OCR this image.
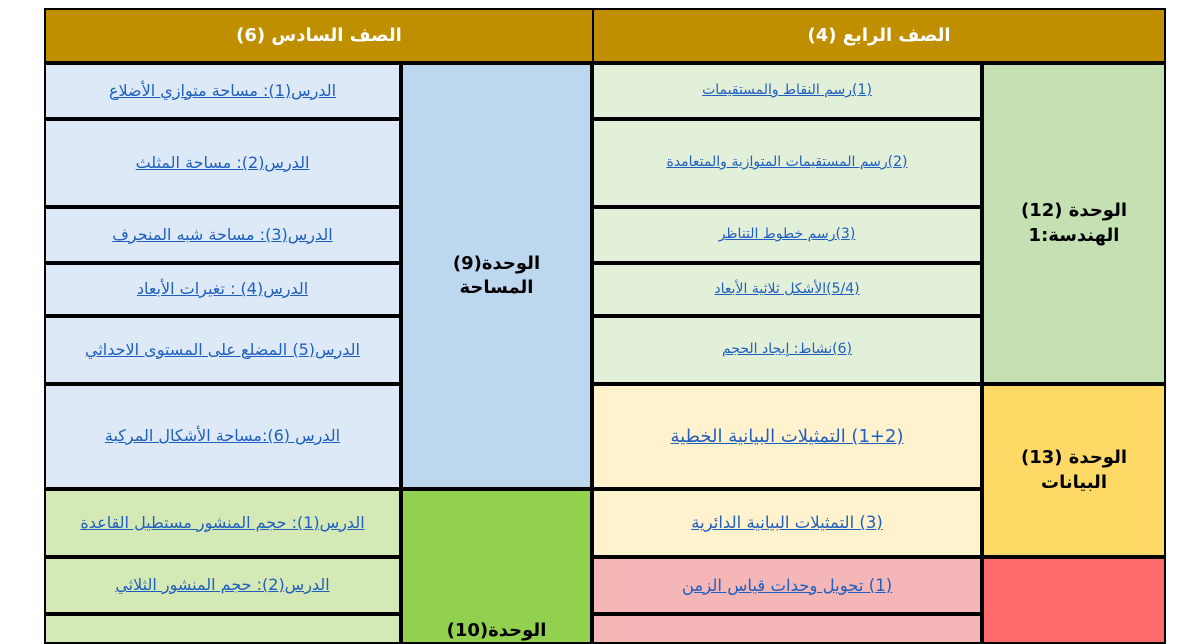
الصف السادس (6)	الصف الرابع (4)
(1)رسم النقاط والمستقيمات
(2)رسم المستقيمات المتوازية والمتعامدة
(3)رسم خطوط التناظر
(5/4)الأشكل ثلاثية الأبعاد
(6)نشاط: إيجاد الحجم
(1+2) التمثيلات البيانية الخطية
(3) التمثيلات البيانية الدائرية
(1) تحويل وحدات قياس الزمن
الوحدة (12)
الهندسة:1
الوحدة (13)
البيانات
الدرس(1): مساحة متوازي الأضلاع
الدرس(2): مساحة المثلث
الدرس(3): مساحة شبه المنحرف
الدرس(4) : تغيرات الأبعاد
الدرس(5) المضلع على المستوى الاحداثي
الدرس (6):مساحة الأشكال المركبة
الدرس(1): حجم المنشور مستطيل القاعدة
الدرس(2): حجم المنشور الثلاثي
الوحدة(9)
المساحة
الوحدة(10)
